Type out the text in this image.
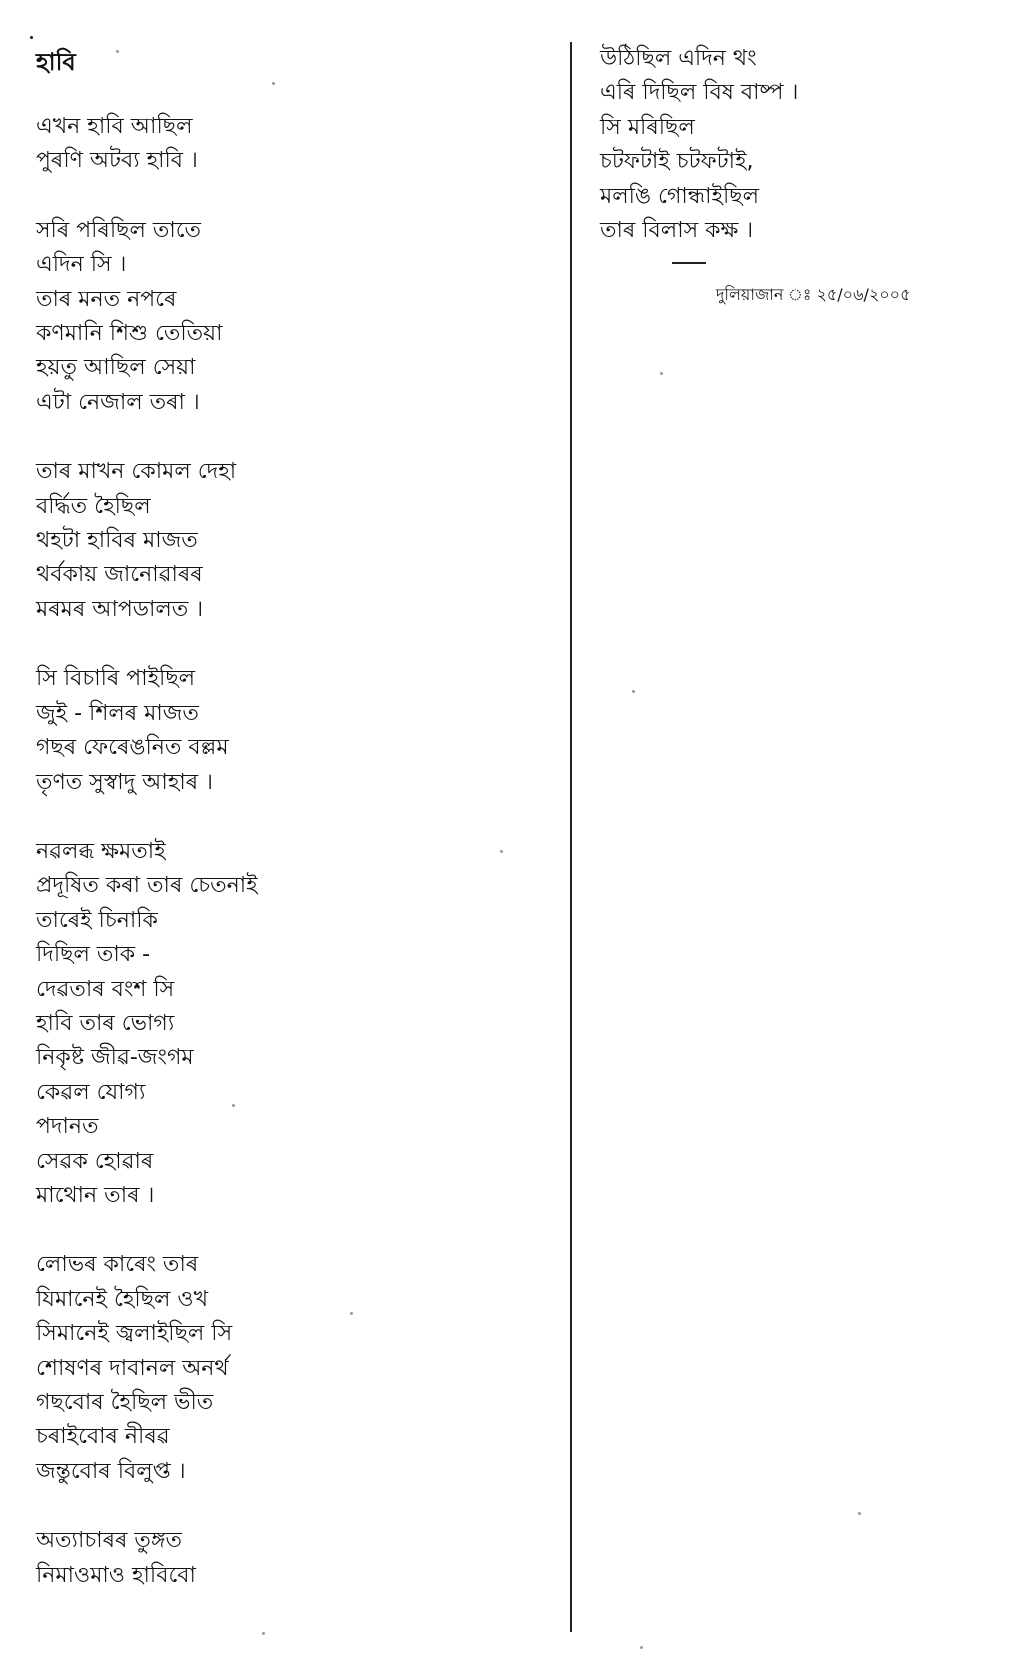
হাবি
এখন হাবি আছিল
পুৰণি অটব্য হাবি ।
সৰি পৰিছিল তাতে
এদিন সি ।
তাৰ মনত নপৰে
কণমানি শিশু তেতিয়া
হয়তু আছিল সেয়া
এটা নেজাল তৰা ।
তাৰ মাখন কোমল দেহা
বৰ্দ্ধিত হৈছিল
থহটা হাবিৰ মাজত
থৰ্বকায় জানোৱাৰৰ
মৰমৰ আপডালত ।
সি বিচাৰি পাইছিল
জুই - শিলৰ মাজত
গছৰ ফেৰেঙনিত বল্লম
তৃণত সুস্বাদু আহাৰ ।
নৱলব্ধ ক্ষমতাই
প্ৰদূষিত কৰা তাৰ চেতনাই
তাৰেই চিনাকি
দিছিল তাক -
দেৱতাৰ বংশ সি
হাবি তাৰ ভোগ্য
নিকৃষ্ট জীৱ-জংগম
কেৱল যোগ্য
পদানত
সেৱক হোৱাৰ
মাথোন তাৰ ।
লোভৰ কাৰেং তাৰ
যিমানেই হৈছিল ওখ
সিমানেই জ্বলাইছিল সি
শোষণৰ দাবানল অনৰ্থ
গছবোৰ হৈছিল ভীত
চৰাইবোৰ নীৰৱ
জন্তুবোৰ বিলুপ্ত ।
অত্যাচাৰৰ তুঙ্গত
নিমাওমাও হাবিবো
উঠিছিল এদিন থং
এৰি দিছিল বিষ বাষ্প ।
সি মৰিছিল
চটফটাই চটফটাই,
মলঙি গোন্ধাইছিল
তাৰ বিলাস কক্ষ ।
দুলিয়াজান ঃ ২৫/০৬/২০০৫
